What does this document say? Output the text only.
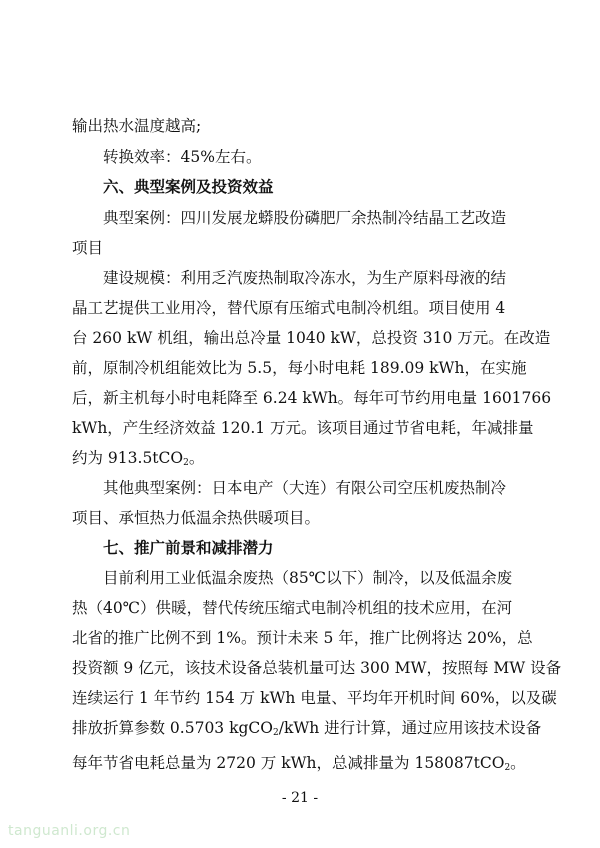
输出热水温度越高;

转换效率：45%左右。

六、典型案例及投资效益

典型案例：四川发展龙蟒股份磷肥厂余热制冷结晶工艺改造
项目

建设规模：利用乏汽废热制取冷冻水，为生产原料母液的结
晶工艺提供工业用冷，替代原有压缩式电制冷机组。项目使用 4
台 260 kW 机组，输出总冷量 1040 kW，总投资 310 万元。在改造
前，原制冷机组能效比为 5.5，每小时电耗 189.09 kWh，在实施
后，新主机每小时电耗降至 6.24 kWh。每年可节约用电量 1601766
kWh，产生经济效益 120.1 万元。该项目通过节省电耗，年减排量
约为 913.5tCO$_2$。

其他典型案例：日本电产（大连）有限公司空压机废热制冷
项目、承恒热力低温余热供暖项目。

七、推广前景和减排潜力

目前利用工业低温余废热（85℃以下）制冷，以及低温余废
热（40℃）供暖，替代传统压缩式电制冷机组的技术应用，在河
北省的推广比例不到 1%。预计未来 5 年，推广比例将达 20%，总
投资额 9 亿元，该技术设备总装机量可达 300 MW，按照每 MW 设备
连续运行 1 年节约 154 万 kWh 电量、平均年开机时间 60%，以及碳
排放折算参数 0.5703 kgCO$_2$/kWh 进行计算，通过应用该技术设备
每年节省电耗总量为 2720 万 kWh，总减排量为 158087tCO$_2$。

- 21 -
tanguanli.org.cn
